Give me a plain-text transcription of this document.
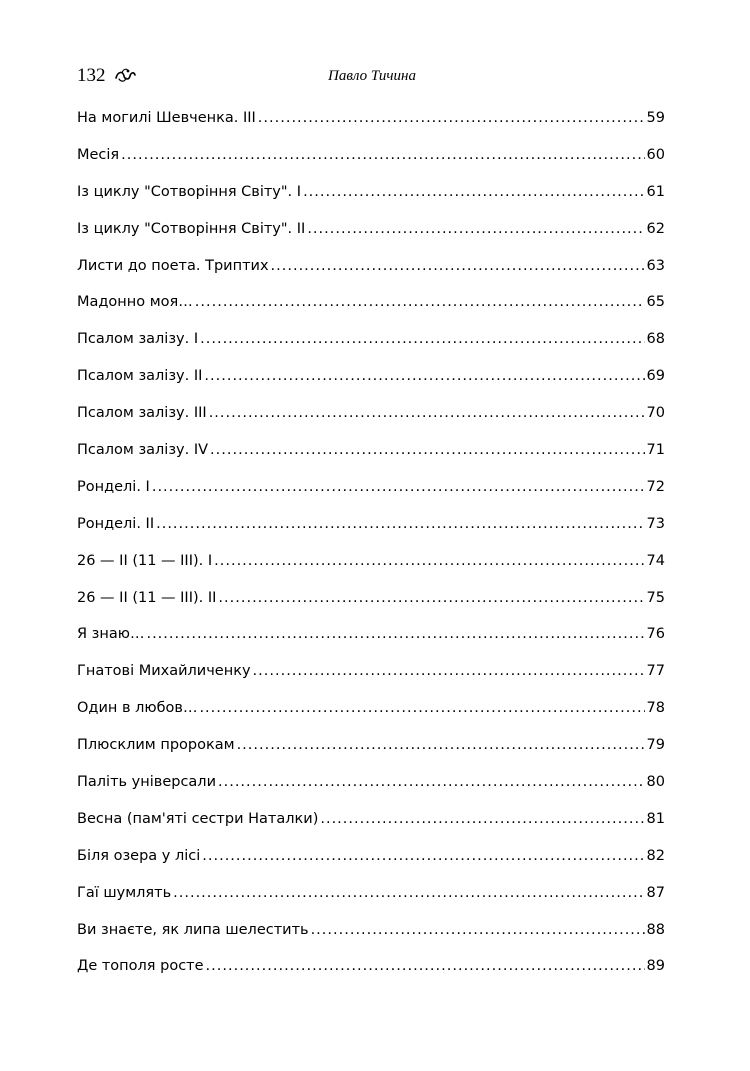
132	Павло Тичина
На могилі Шевченка. III .....	59
Месія .....	60
Із циклу "Сотворіння Світу". I .....	61
Із циклу "Сотворіння Світу". II .....	62
Листи до поета. Триптих .....	63
Мадонно моя… .....	65
Псалом залізу. I .....	68
Псалом залізу. II .....	69
Псалом залізу. III .....	70
Псалом залізу. IV .....	71
Ронделі. I .....	72
Ронделі. II .....	73
26 — II (11 — III). I .....	74
26 — II (11 — III). II .....	75
Я знаю… .....	76
Гнатові Михайличенку .....	77
Один в любов… .....	78
Плюсклим пророкам .....	79
Паліть універсали .....	80
Весна (пам'яті сестри Наталки) .....	81
Біля озера у лісі .....	82
Гаї шумлять .....	87
Ви знаєте, як липа шелестить .....	88
Де тополя росте .....	89
